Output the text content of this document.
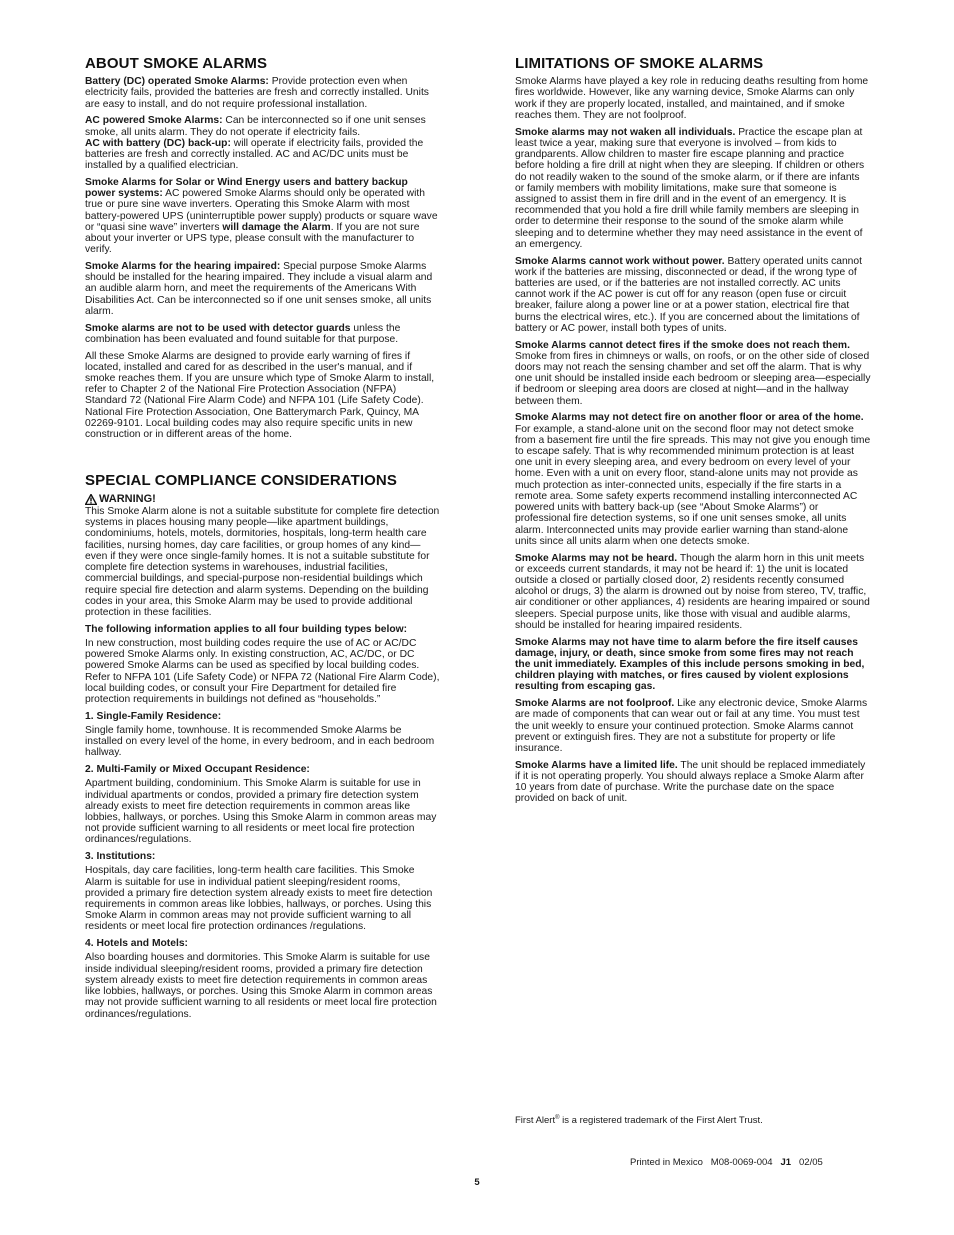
ABOUT SMOKE ALARMS

Battery (DC) operated Smoke Alarms: Provide protection even when electricity fails, provided the batteries are fresh and correctly installed. Units are easy to install, and do not require professional installation.

AC powered Smoke Alarms: Can be interconnected so if one unit senses smoke, all units alarm. They do not operate if electricity fails.
AC with battery (DC) back-up: will operate if electricity fails, provided the batteries are fresh and correctly installed. AC and AC/DC units must be installed by a qualified electrician.

Smoke Alarms for Solar or Wind Energy users and battery backup power systems: AC powered Smoke Alarms should only be operated with true or pure sine wave inverters. Operating this Smoke Alarm with most battery-powered UPS (uninterruptible power supply) products or square wave or “quasi sine wave” inverters will damage the Alarm. If you are not sure about your inverter or UPS type, please consult with the manufacturer to verify.

Smoke Alarms for the hearing impaired: Special purpose Smoke Alarms should be installed for the hearing impaired. They include a visual alarm and an audible alarm horn, and meet the requirements of the Americans With Disabilities Act. Can be interconnected so if one unit senses smoke, all units alarm.

Smoke alarms are not to be used with detector guards unless the combination has been evaluated and found suitable for that purpose.

All these Smoke Alarms are designed to provide early warning of fires if located, installed and cared for as described in the user's manual, and if smoke reaches them. If you are unsure which type of Smoke Alarm to install, refer to Chapter 2 of the National Fire Protection Association (NFPA) Standard 72 (National Fire Alarm Code) and NFPA 101 (Life Safety Code). National Fire Protection Association, One Batterymarch Park, Quincy, MA 02269-9101. Local building codes may also require specific units in new construction or in different areas of the home.

SPECIAL COMPLIANCE CONSIDERATIONS
WARNING!

This Smoke Alarm alone is not a suitable substitute for complete fire detection systems in places housing many people—like apartment buildings, condominiums, hotels, motels, dormitories, hospitals, long-term health care facilities, nursing homes, day care facilities, or group homes of any kind—even if they were once single-family homes. It is not a suitable substitute for complete fire detection systems in warehouses, industrial facilities, commercial buildings, and special-purpose non-residential buildings which require special fire detection and alarm systems. Depending on the building codes in your area, this Smoke Alarm may be used to provide additional protection in these facilities.

The following information applies to all four building types below:

In new construction, most building codes require the use of AC or AC/DC powered Smoke Alarms only. In existing construction, AC, AC/DC, or DC powered Smoke Alarms can be used as specified by local building codes. Refer to NFPA 101 (Life Safety Code) or NFPA 72 (National Fire Alarm Code), local building codes, or consult your Fire Department for detailed fire protection requirements in buildings not defined as “households.”

1. Single-Family Residence:

Single family home, townhouse. It is recommended Smoke Alarms be installed on every level of the home, in every bedroom, and in each bedroom hallway.

2. Multi-Family or Mixed Occupant Residence:

Apartment building, condominium. This Smoke Alarm is suitable for use in individual apartments or condos, provided a primary fire detection system already exists to meet fire detection requirements in common areas like lobbies, hallways, or porches. Using this Smoke Alarm in common areas may not provide sufficient warning to all residents or meet local fire protection ordinances/regulations.

3. Institutions:

Hospitals, day care facilities, long-term health care facilities. This Smoke Alarm is suitable for use in individual patient sleeping/resident rooms, provided a primary fire detection system already exists to meet fire detection requirements in common areas like lobbies, hallways, or porches. Using this Smoke Alarm in common areas may not provide sufficient warning to all residents or meet local fire protection ordinances /regulations.

4. Hotels and Motels:

Also boarding houses and dormitories. This Smoke Alarm is suitable for use inside individual sleeping/resident rooms, provided a primary fire detection system already exists to meet fire detection requirements in common areas like lobbies, hallways, or porches. Using this Smoke Alarm in common areas may not provide sufficient warning to all residents or meet local fire protection ordinances/regulations.

LIMITATIONS OF SMOKE ALARMS

Smoke Alarms have played a key role in reducing deaths resulting from home fires worldwide. However, like any warning device, Smoke Alarms can only work if they are properly located, installed, and maintained, and if smoke reaches them. They are not foolproof.

Smoke alarms may not waken all individuals. Practice the escape plan at least twice a year, making sure that everyone is involved – from kids to grandparents. Allow children to master fire escape planning and practice before holding a fire drill at night when they are sleeping. If children or others do not readily waken to the sound of the smoke alarm, or if there are infants or family members with mobility limitations, make sure that someone is assigned to assist them in fire drill and in the event of an emergency. It is recommended that you hold a fire drill while family members are sleeping in order to determine their response to the sound of the smoke alarm while sleeping and to determine whether they may need assistance in the event of an emergency.

Smoke Alarms cannot work without power. Battery operated units cannot work if the batteries are missing, disconnected or dead, if the wrong type of batteries are used, or if the batteries are not installed correctly. AC units cannot work if the AC power is cut off for any reason (open fuse or circuit breaker, failure along a power line or at a power station, electrical fire that burns the electrical wires, etc.). If you are concerned about the limitations of battery or AC power, install both types of units.

Smoke Alarms cannot detect fires if the smoke does not reach them. Smoke from fires in chimneys or walls, on roofs, or on the other side of closed doors may not reach the sensing chamber and set off the alarm. That is why one unit should be installed inside each bedroom or sleeping area—especially if bedroom or sleeping area doors are closed at night—and in the hallway between them.

Smoke Alarms may not detect fire on another floor or area of the home. For example, a stand-alone unit on the second floor may not detect smoke from a basement fire until the fire spreads. This may not give you enough time to escape safely. That is why recommended minimum protection is at least one unit in every sleeping area, and every bedroom on every level of your home. Even with a unit on every floor, stand-alone units may not provide as much protection as inter-connected units, especially if the fire starts in a remote area. Some safety experts recommend installing interconnected AC powered units with battery back-up (see “About Smoke Alarms”) or professional fire detection systems, so if one unit senses smoke, all units alarm. Interconnected units may provide earlier warning than stand-alone units since all units alarm when one detects smoke.

Smoke Alarms may not be heard. Though the alarm horn in this unit meets or exceeds current standards, it may not be heard if: 1) the unit is located outside a closed or partially closed door, 2) residents recently consumed alcohol or drugs, 3) the alarm is drowned out by noise from stereo, TV, traffic, air conditioner or other appliances, 4) residents are hearing impaired or sound sleepers. Special purpose units, like those with visual and audible alarms, should be installed for hearing impaired residents.

Smoke Alarms may not have time to alarm before the fire itself causes damage, injury, or death, since smoke from some fires may not reach the unit immediately. Examples of this include persons smoking in bed, children playing with matches, or fires caused by violent explosions resulting from escaping gas.

Smoke Alarms are not foolproof. Like any electronic device, Smoke Alarms are made of components that can wear out or fail at any time. You must test the unit weekly to ensure your continued protection. Smoke Alarms cannot prevent or extinguish fires. They are not a substitute for property or life insurance.

Smoke Alarms have a limited life. The unit should be replaced immediately if it is not operating properly. You should always replace a Smoke Alarm after 10 years from date of purchase. Write the purchase date on the space provided on back of unit.

First Alert® is a registered trademark of the First Alert Trust.
Printed in Mexico   M08-0069-004   J1   02/05
5
